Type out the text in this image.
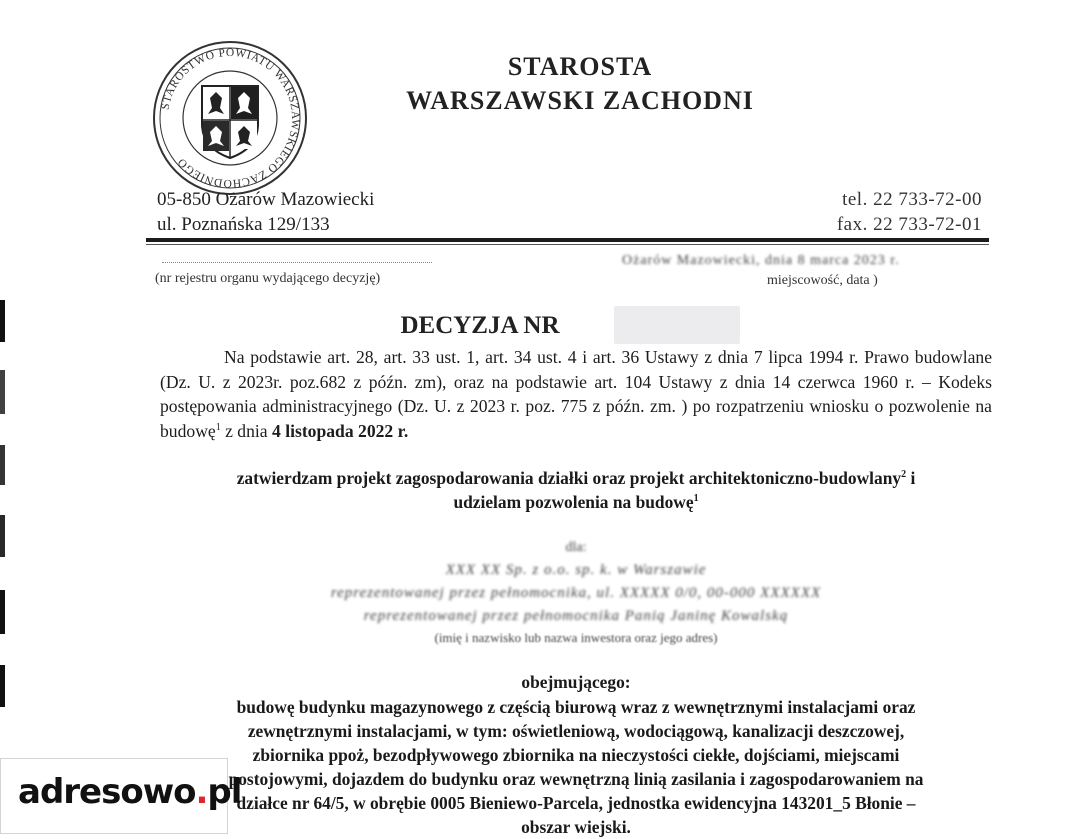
STAROSTWO POWIATU WARSZAWSKIEGO ZACHODNIEGO
STAROSTA
WARSZAWSKI ZACHODNI
05-850 Ożarów Mazowiecki
ul. Poznańska 129/133
tel. 22 733-72-00
fax. 22 733-72-01
(nr rejestru organu wydającego decyzję)
Ożarów Mazowiecki, dnia 8 marca 2023 r.
miejscowość, data )
DECYZJA NR
Na podstawie art. 28, art. 33 ust. 1, art. 34 ust. 4 i art. 36 Ustawy z dnia 7 lipca 1994 r. Prawo budowlane (Dz. U. z 2023r. poz.682 z późn. zm), oraz na podstawie art. 104 Ustawy z dnia 14 czerwca 1960 r. – Kodeks postępowania administracyjnego (Dz. U. z 2023 r. poz. 775 z późn. zm. ) po rozpatrzeniu wniosku o pozwolenie na budowę$^1$ z dnia 4 listopada 2022 r.
zatwierdzam projekt zagospodarowania działki oraz projekt architektoniczno-budowlany$^2$ i
udzielam pozwolenia na budowę$^1$
dla:
XXX XX Sp. z o.o. sp. k. w Warszawie
reprezentowanej przez pełnomocnika, ul. XXXXX 0/0, 00-000 XXXXXX
reprezentowanej przez pełnomocnika Panią Janinę Kowalską
(imię i nazwisko lub nazwa inwestora oraz jego adres)
obejmującego:
budowę budynku magazynowego z częścią biurową wraz z wewnętrznymi instalacjami oraz
zewnętrznymi instalacjami, w tym: oświetleniową, wodociągową, kanalizacji deszczowej,
zbiornika ppoż, bezodpływowego zbiornika na nieczystości ciekłe, dojściami, miejscami
postojowymi, dojazdem do budynku oraz wewnętrzną linią zasilania i zagospodarowaniem na
działce nr 64/5, w obrębie 0005 Bieniewo-Parcela, jednostka ewidencyjna 143201_5 Błonie –
obszar wiejski.
adresowo.pl
